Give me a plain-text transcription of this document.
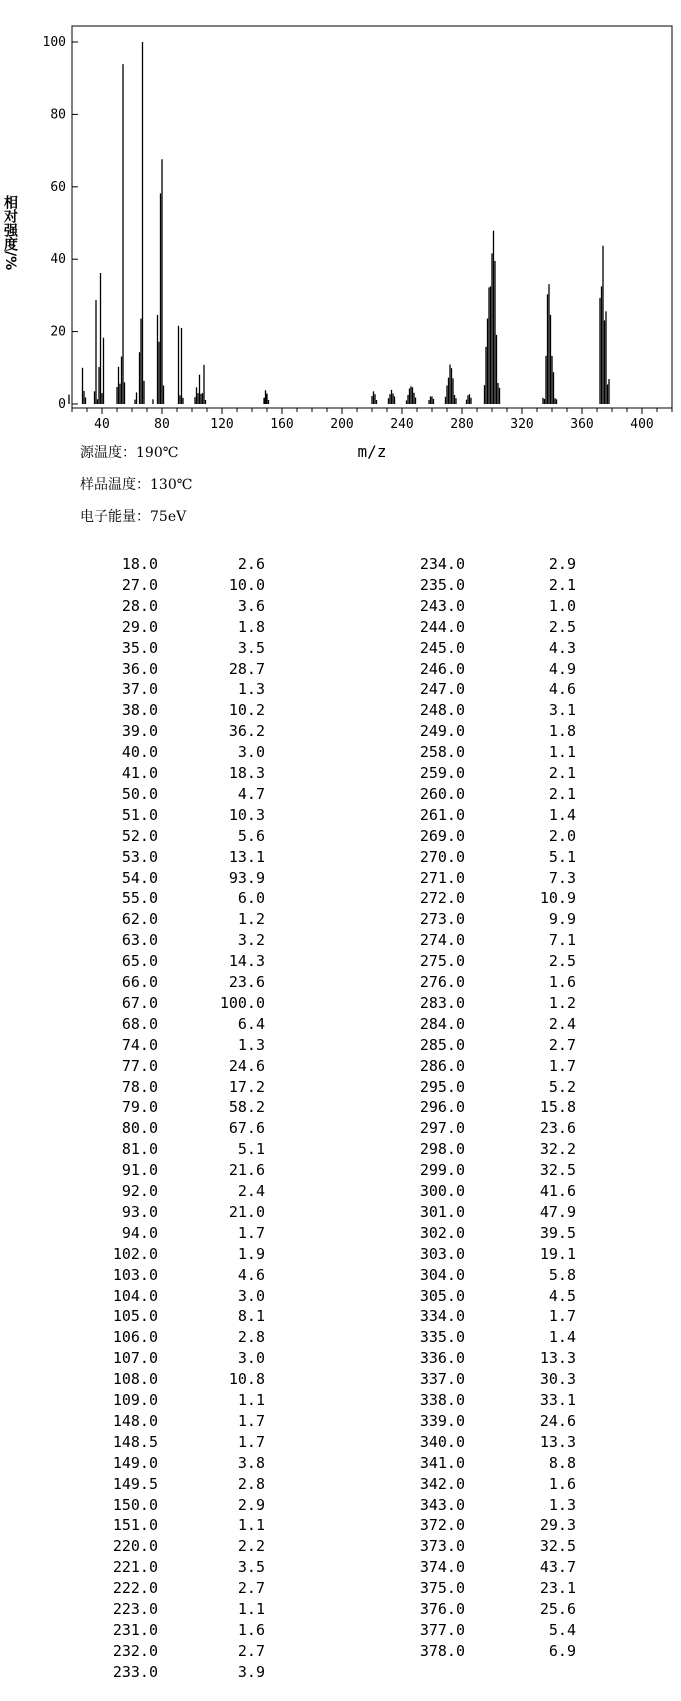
0
20
40
60
80
100
40	80	120	160	200	240	280	320	360	400
相对强度/%
m/z
源温度：190℃
样品温度：130℃
电子能量：75eV
18.0	2.6
27.0	10.0
28.0	3.6
29.0	1.8
35.0	3.5
36.0	28.7
37.0	1.3
38.0	10.2
39.0	36.2
40.0	3.0
41.0	18.3
50.0	4.7
51.0	10.3
52.0	5.6
53.0	13.1
54.0	93.9
55.0	6.0
62.0	1.2
63.0	3.2
65.0	14.3
66.0	23.6
67.0	100.0
68.0	6.4
74.0	1.3
77.0	24.6
78.0	17.2
79.0	58.2
80.0	67.6
81.0	5.1
91.0	21.6
92.0	2.4
93.0	21.0
94.0	1.7
102.0	1.9
103.0	4.6
104.0	3.0
105.0	8.1
106.0	2.8
107.0	3.0
108.0	10.8
109.0	1.1
148.0	1.7
148.5	1.7
149.0	3.8
149.5	2.8
150.0	2.9
151.0	1.1
220.0	2.2
221.0	3.5
222.0	2.7
223.0	1.1
231.0	1.6
232.0	2.7
233.0	3.9
234.0	2.9
235.0	2.1
243.0	1.0
244.0	2.5
245.0	4.3
246.0	4.9
247.0	4.6
248.0	3.1
249.0	1.8
258.0	1.1
259.0	2.1
260.0	2.1
261.0	1.4
269.0	2.0
270.0	5.1
271.0	7.3
272.0	10.9
273.0	9.9
274.0	7.1
275.0	2.5
276.0	1.6
283.0	1.2
284.0	2.4
285.0	2.7
286.0	1.7
295.0	5.2
296.0	15.8
297.0	23.6
298.0	32.2
299.0	32.5
300.0	41.6
301.0	47.9
302.0	39.5
303.0	19.1
304.0	5.8
305.0	4.5
334.0	1.7
335.0	1.4
336.0	13.3
337.0	30.3
338.0	33.1
339.0	24.6
340.0	13.3
341.0	8.8
342.0	1.6
343.0	1.3
372.0	29.3
373.0	32.5
374.0	43.7
375.0	23.1
376.0	25.6
377.0	5.4
378.0	6.9
